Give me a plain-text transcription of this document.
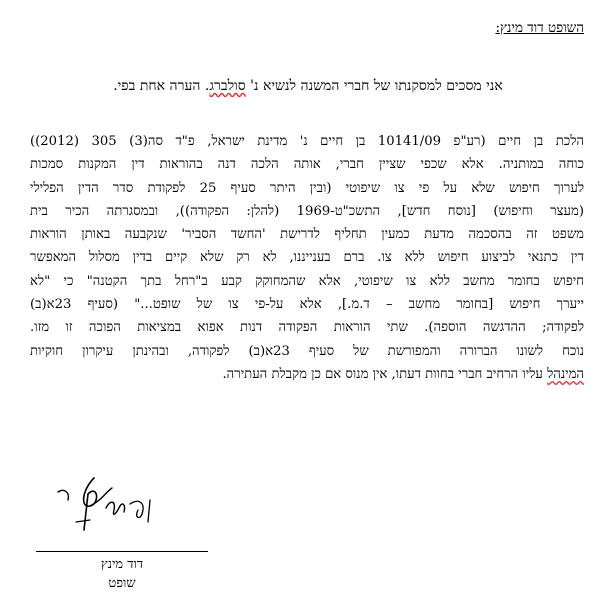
השופט דוד מינץ:

אני מסכים למסקנתו של חברי המשנה לנשיא נ' סולברג. הערה אחת בפי.

הלכת בן חיים (רע"פ 10141/09 בן חיים נ' מדינת ישראל, פ"ד סה(3) 305 (2012))
כוחה במותניה. אלא שכפי שציין חברי, אותה הלכה דנה בהוראות דין המקנות סמכות
לערוך חיפוש שלא על פי צו שיפוטי (ובין היתר סעיף 25 לפקודת סדר הדין הפלילי
(מעצר וחיפוש) [נוסח חדש], התשכ"ט-1969 (להלן: הפקודה)), ובמסגרתה הכיר בית
משפט זה בהסכמה מדעת כמעין תחליף לדרישת 'החשד הסביר' שנקבעה באותן הוראות
דין כתנאי לביצוע חיפוש ללא צו. ברם בענייננו, לא רק שלא קיים בדין מסלול המאפשר
חיפוש בחומר מחשב ללא צו שיפוטי, אלא שהמחוקק קבע ב"רחל בתך הקטנה" כי "לא
ייערך חיפוש [בחומר מחשב – ד.מ.], אלא על-פי צו של שופט..." (סעיף 23א(ב)
לפקודה; ההדגשה הוספה). שתי הוראות הפקודה דנות אפוא במציאות הפוכה זו מזו.
נוכח לשונו הברורה והמפורשת של סעיף 23א(ב) לפקודה, ובהינתן עיקרון חוקיות
המינהל עליו הרחיב חברי בחוות דעתו, אין מנוס אם כן מקבלת העתירה.

דוד מינץ

שופט
